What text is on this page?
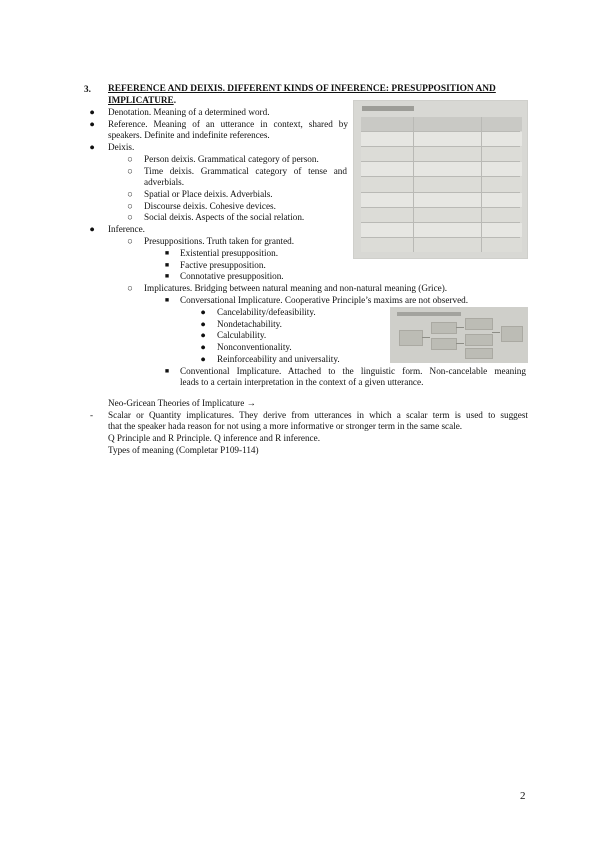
3. REFERENCE AND DEIXIS. DIFFERENT KINDS OF INFERENCE: PRESUPPOSITION AND
IMPLICATURE.
● Denotation. Meaning of a determined word.
● Reference. Meaning of an utterance in context, shared by
speakers. Definite and indefinite references.
● Deixis.
○ Person deixis. Grammatical category of person.
○ Time deixis. Grammatical category of tense and
adverbials.
○ Spatial or Place deixis. Adverbials.
○ Discourse deixis. Cohesive devices.
○ Social deixis. Aspects of the social relation.
● Inference.
○ Presuppositions. Truth taken for granted.
■	Existential presupposition.
■	Factive presupposition.
■	Connotative presupposition.
○ Implicatures. Bridging between natural meaning and non-natural meaning (Grice).
■	Conversational Implicature. Cooperative Principle’s maxims are not observed.
● Cancelability/defeasibility.
● Nondetachability.
● Calculability.
● Nonconventionality.
● Reinforceability and universality.
■	Conventional Implicature. Attached to the linguistic form. Non-cancelable meaning
leads to a certain interpretation in the context of a given utterance.
Neo-Gricean Theories of Implicature →
- Scalar or Quantity implicatures. They derive from utterances in which a scalar term is used to suggest
that the speaker hada reason for not using a more informative or stronger term in the same scale.
Q Principle and R Principle. Q inference and R inference.
Types of meaning (Completar P109-114)
2
